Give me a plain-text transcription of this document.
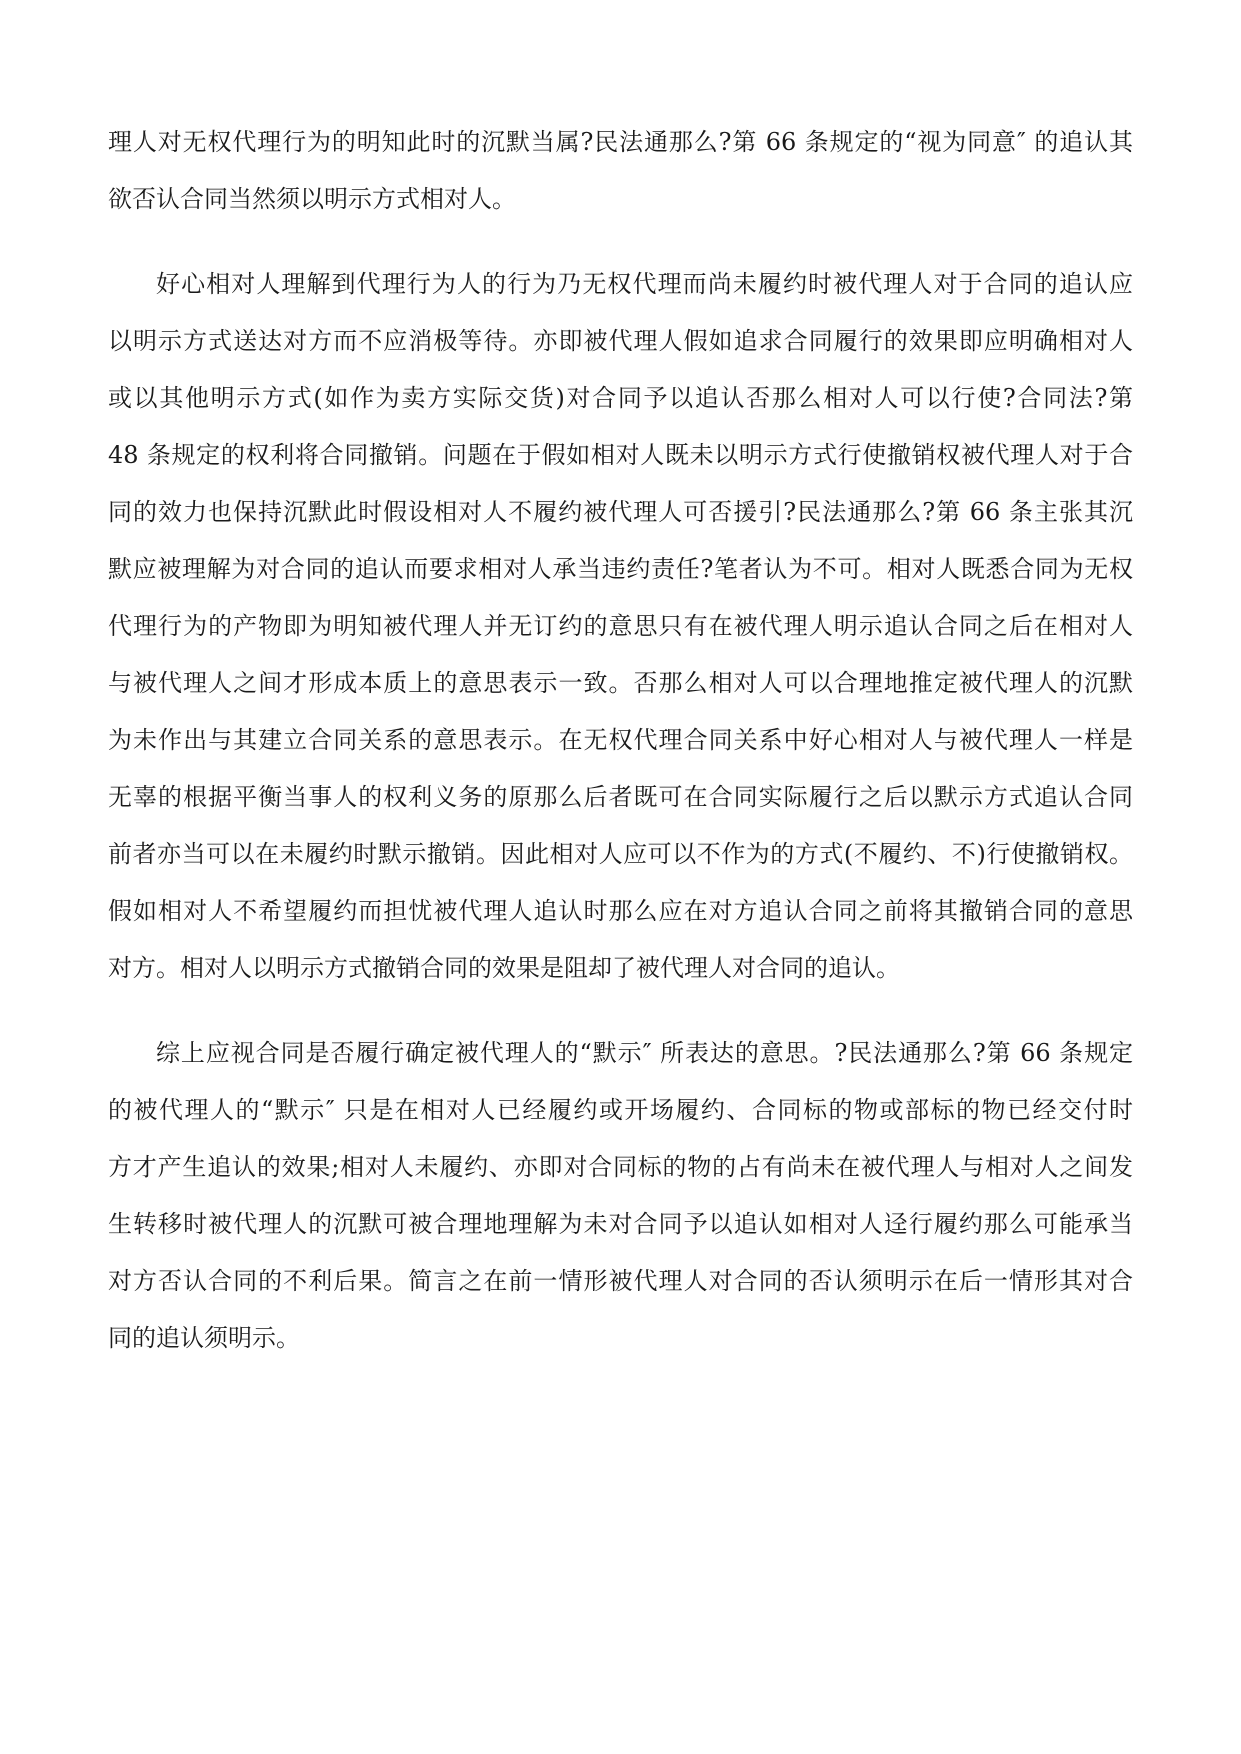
理人对无权代理行为的明知此时的沉默当属?民法通那么?第 66 条规定的“视为同意″ 的追认其

欲否认合同当然须以明示方式相对人。

好心相对人理解到代理行为人的行为乃无权代理而尚未履约时被代理人对于合同的追认应

以明示方式送达对方而不应消极等待。亦即被代理人假如追求合同履行的效果即应明确相对人

或以其他明示方式(如作为卖方实际交货)对合同予以追认否那么相对人可以行使?合同法?第

48 条规定的权利将合同撤销。问题在于假如相对人既未以明示方式行使撤销权被代理人对于合

同的效力也保持沉默此时假设相对人不履约被代理人可否援引?民法通那么?第 66 条主张其沉

默应被理解为对合同的追认而要求相对人承当违约责任?笔者认为不可。相对人既悉合同为无权

代理行为的产物即为明知被代理人并无订约的意思只有在被代理人明示追认合同之后在相对人

与被代理人之间才形成本质上的意思表示一致。否那么相对人可以合理地推定被代理人的沉默

为未作出与其建立合同关系的意思表示。在无权代理合同关系中好心相对人与被代理人一样是

无辜的根据平衡当事人的权利义务的原那么后者既可在合同实际履行之后以默示方式追认合同

前者亦当可以在未履约时默示撤销。因此相对人应可以不作为的方式(不履约、不)行使撤销权。

假如相对人不希望履约而担忧被代理人追认时那么应在对方追认合同之前将其撤销合同的意思

对方。相对人以明示方式撤销合同的效果是阻却了被代理人对合同的追认。

综上应视合同是否履行确定被代理人的“默示″ 所表达的意思。?民法通那么?第 66 条规定

的被代理人的“默示″ 只是在相对人已经履约或开场履约、合同标的物或部标的物已经交付时

方才产生追认的效果;相对人未履约、亦即对合同标的物的占有尚未在被代理人与相对人之间发

生转移时被代理人的沉默可被合理地理解为未对合同予以追认如相对人迳行履约那么可能承当

对方否认合同的不利后果。简言之在前一情形被代理人对合同的否认须明示在后一情形其对合

同的追认须明示。
